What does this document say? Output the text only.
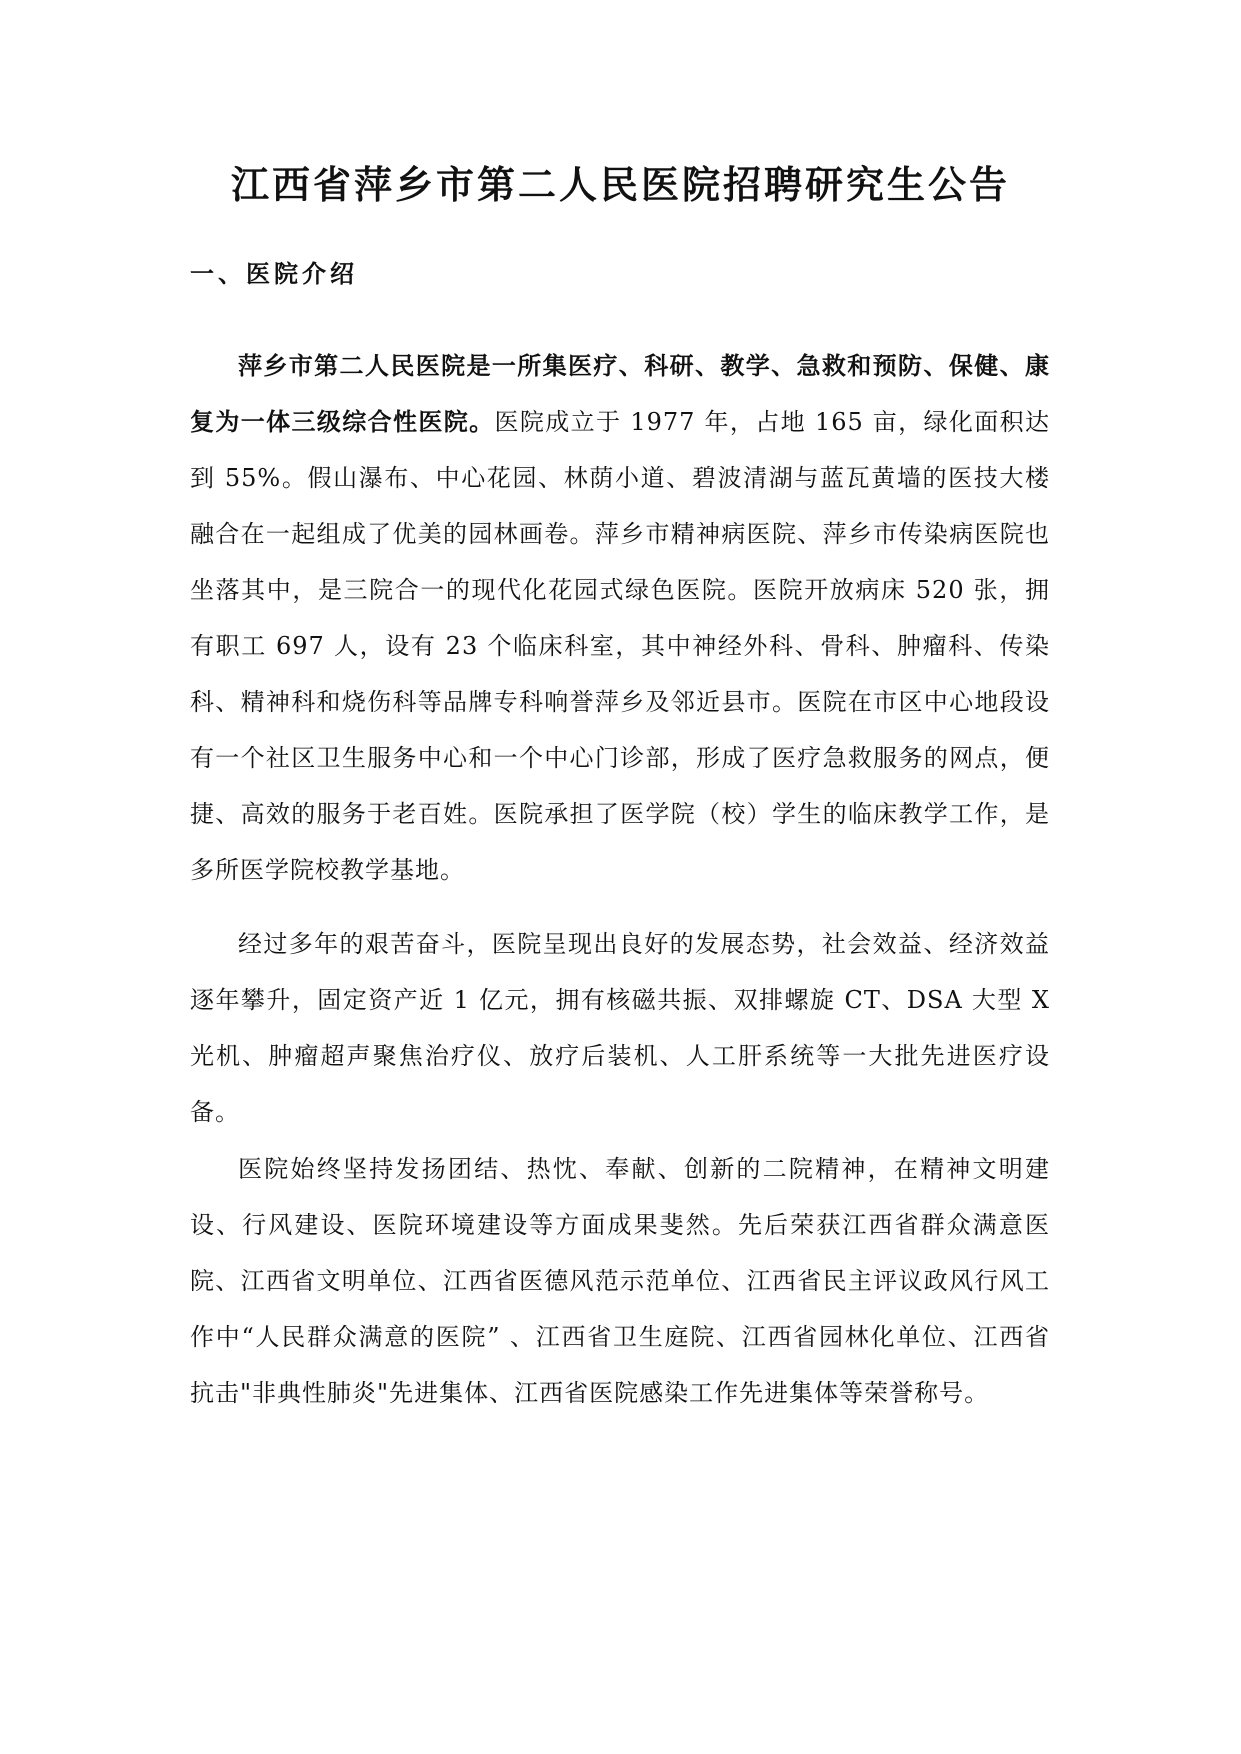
江西省萍乡市第二人民医院招聘研究生公告
一、医院介绍

萍乡市第二人民医院是一所集医疗、科研、教学、急救和预防、保健、康复为一体三级综合性医院。医院成立于 1977 年，占地 165 亩，绿化面积达到 55%。假山瀑布、中心花园、林荫小道、碧波清湖与蓝瓦黄墙的医技大楼融合在一起组成了优美的园林画卷。萍乡市精神病医院、萍乡市传染病医院也坐落其中，是三院合一的现代化花园式绿色医院。医院开放病床 520 张，拥有职工 697 人，设有 23 个临床科室，其中神经外科、骨科、肿瘤科、传染科、精神科和烧伤科等品牌专科响誉萍乡及邻近县市。医院在市区中心地段设有一个社区卫生服务中心和一个中心门诊部，形成了医疗急救服务的网点，便捷、高效的服务于老百姓。医院承担了医学院（校）学生的临床教学工作，是多所医学院校教学基地。

经过多年的艰苦奋斗，医院呈现出良好的发展态势，社会效益、经济效益逐年攀升，固定资产近 1 亿元，拥有核磁共振、双排螺旋 CT、DSA 大型 X 光机、肿瘤超声聚焦治疗仪、放疗后装机、人工肝系统等一大批先进医疗设备。

医院始终坚持发扬团结、热忱、奉献、创新的二院精神，在精神文明建设、行风建设、医院环境建设等方面成果斐然。先后荣获江西省群众满意医院、江西省文明单位、江西省医德风范示范单位、江西省民主评议政风行风工作中“人民群众满意的医院” 、江西省卫生庭院、江西省园林化单位、江西省抗击"非典性肺炎"先进集体、江西省医院感染工作先进集体等荣誉称号。
